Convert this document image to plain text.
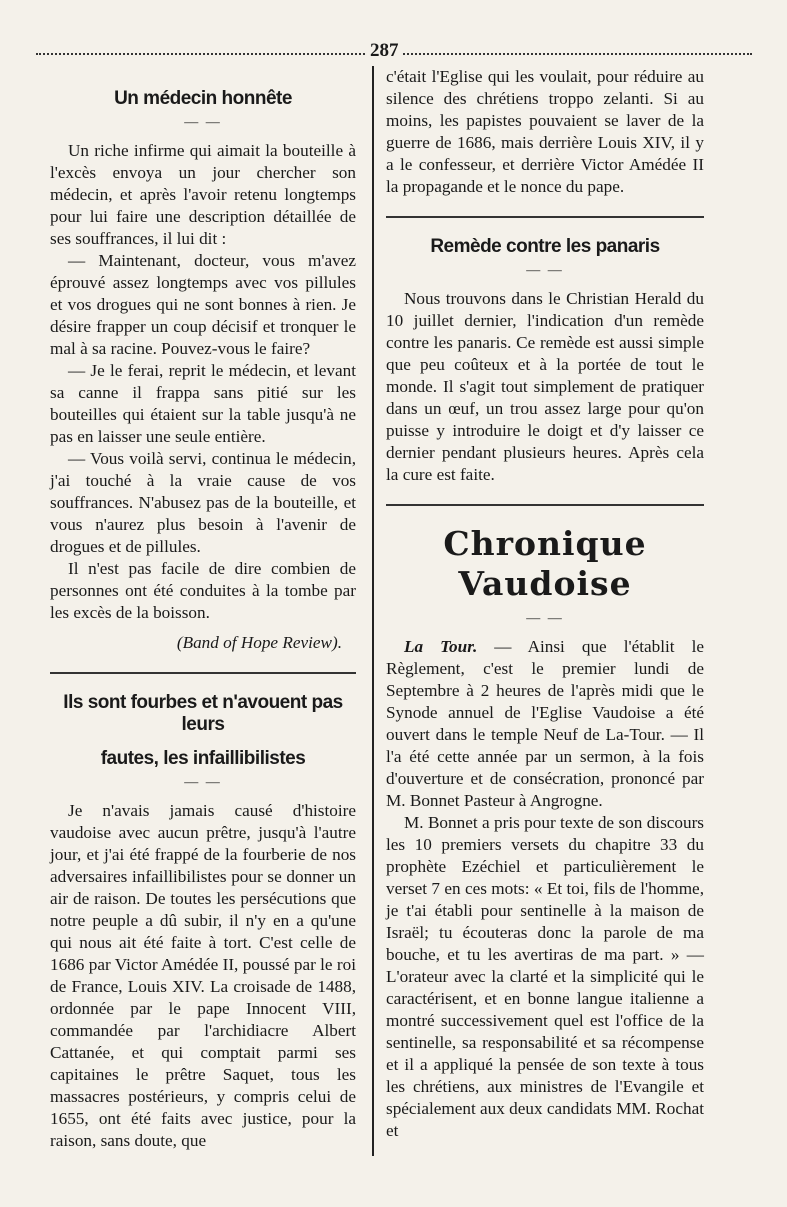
287
Un médecin honnête
— —

Un riche infirme qui aimait la bouteille à l'excès envoya un jour chercher son médecin, et après l'avoir retenu longtemps pour lui faire une description détaillée de ses souffrances, il lui dit :

— Maintenant, docteur, vous m'avez éprouvé assez longtemps avec vos pillules et vos drogues qui ne sont bonnes à rien. Je désire frapper un coup décisif et tronquer le mal à sa racine. Pouvez-vous le faire?

— Je le ferai, reprit le médecin, et levant sa canne il frappa sans pitié sur les bouteilles qui étaient sur la table jusqu'à ne pas en laisser une seule entière.

— Vous voilà servi, continua le médecin, j'ai touché à la vraie cause de vos souffrances. N'abusez pas de la bouteille, et vous n'aurez plus besoin à l'avenir de drogues et de pillules.

Il n'est pas facile de dire combien de personnes ont été conduites à la tombe par les excès de la boisson.

(Band of Hope Review).

Ils sont fourbes et n'avouent pas leurs
fautes, les infaillibilistes
— —

Je n'avais jamais causé d'histoire vaudoise avec aucun prêtre, jusqu'à l'autre jour, et j'ai été frappé de la fourberie de nos adversaires infaillibilistes pour se donner un air de raison. De toutes les persécutions que notre peuple a dû subir, il n'y en a qu'une qui nous ait été faite à tort. C'est celle de 1686 par Victor Amédée II, poussé par le roi de France, Louis XIV. La croisade de 1488, ordonnée par le pape Innocent VIII, commandée par l'archidiacre Albert Cattanée, et qui comptait parmi ses capitaines le prêtre Saquet, tous les massacres postérieurs, y compris celui de 1655, ont été faits avec justice, pour la raison, sans doute, que

c'était l'Eglise qui les voulait, pour réduire au silence des chrétiens troppo zelanti. Si au moins, les papistes pouvaient se laver de la guerre de 1686, mais derrière Louis XIV, il y a le confesseur, et derrière Victor Amédée II la propagande et le nonce du pape.

Remède contre les panaris
— —

Nous trouvons dans le Christian Herald du 10 juillet dernier, l'indication d'un remède contre les panaris. Ce remède est aussi simple que peu coûteux et à la portée de tout le monde. Il s'agit tout simplement de pratiquer dans un œuf, un trou assez large pour qu'on puisse y introduire le doigt et d'y laisser ce dernier pendant plusieurs heures. Après cela la cure est faite.

Chronique Vaudoise
— —

La Tour. — Ainsi que l'établit le Règlement, c'est le premier lundi de Septembre à 2 heures de l'après midi que le Synode annuel de l'Eglise Vaudoise a été ouvert dans le temple Neuf de La-Tour. — Il l'a été cette année par un sermon, à la fois d'ouverture et de consécration, prononcé par M. Bonnet Pasteur à Angrogne.

M. Bonnet a pris pour texte de son discours les 10 premiers versets du chapitre 33 du prophète Ezéchiel et particulièrement le verset 7 en ces mots: « Et toi, fils de l'homme, je t'ai établi pour sentinelle à la maison de Israël; tu écouteras donc la parole de ma bouche, et tu les avertiras de ma part. » — L'orateur avec la clarté et la simplicité qui le caractérisent, et en bonne langue italienne a montré successivement quel est l'office de la sentinelle, sa responsabilité et sa récompense et il a appliqué la pensée de son texte à tous les chrétiens, aux ministres de l'Evangile et spécialement aux deux candidats MM. Rochat et
